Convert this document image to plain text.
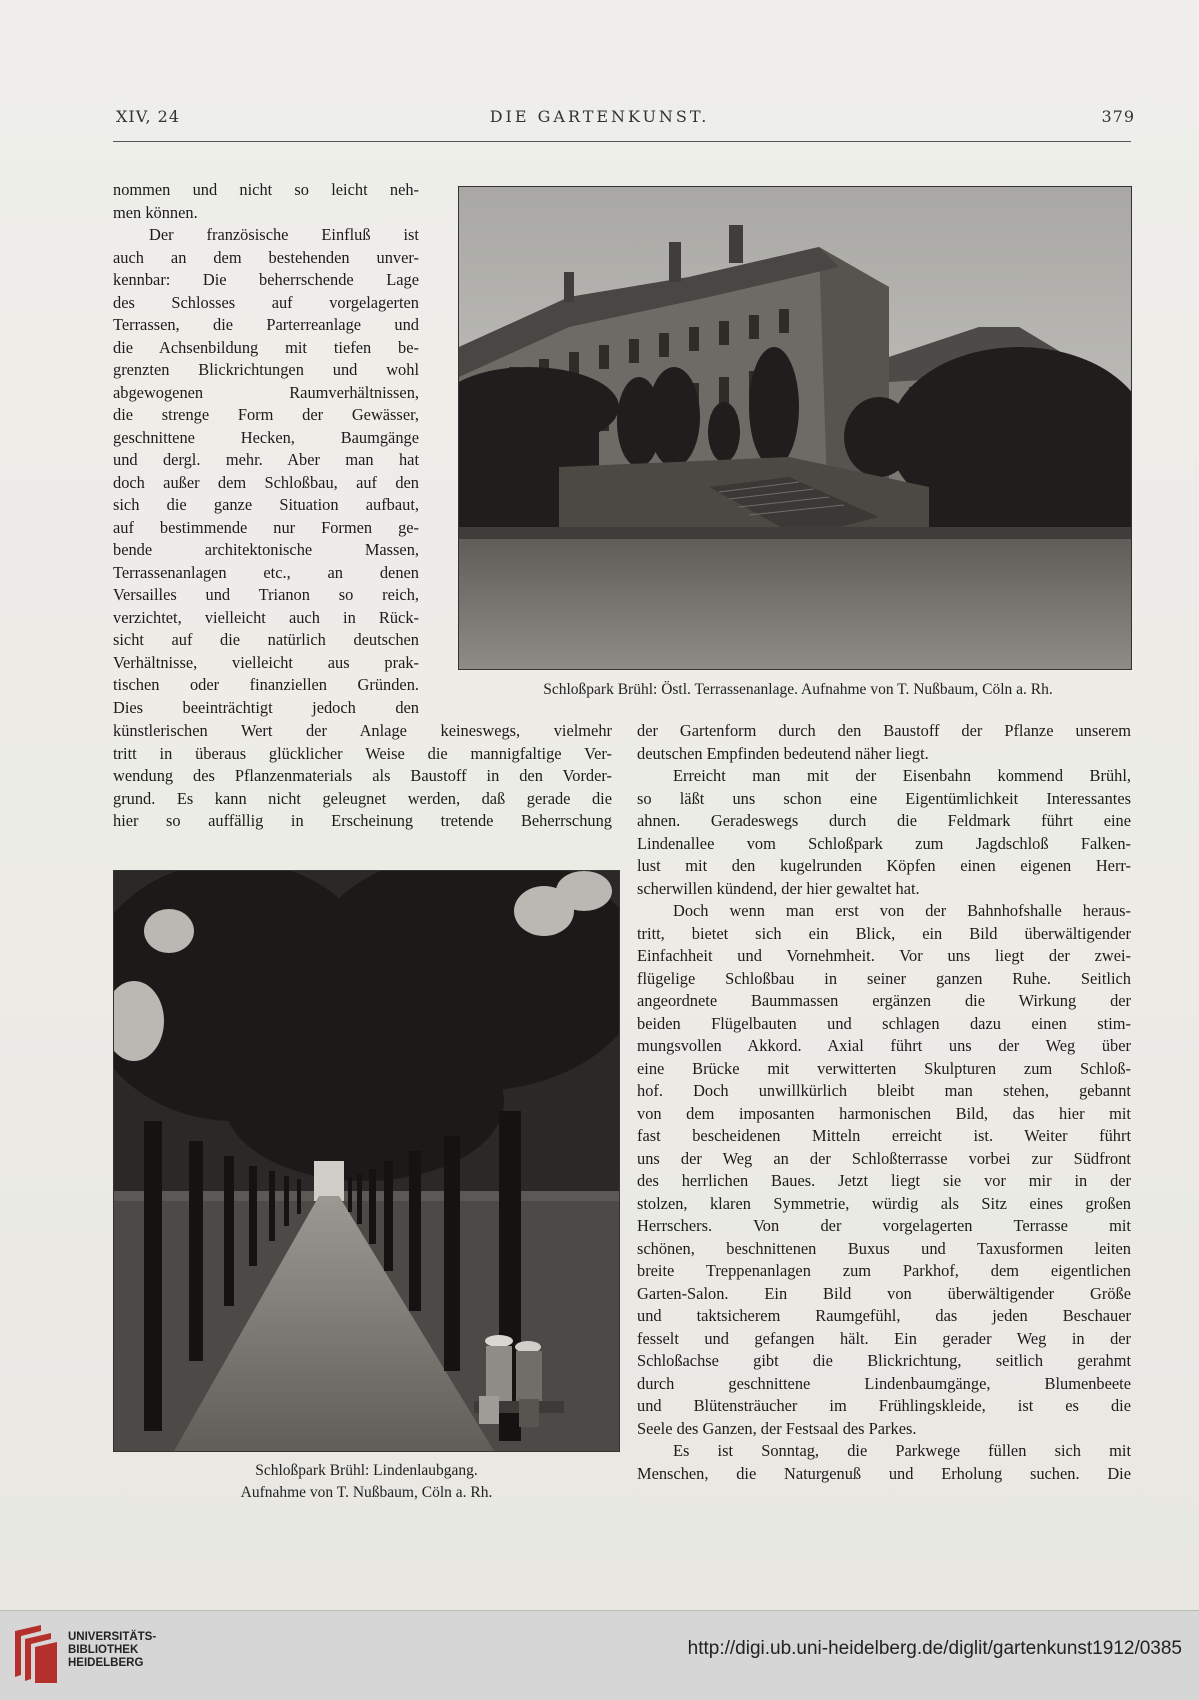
XIV, 24	DIE GARTENKUNST.	379
nommen und nicht so leicht neh-
men können.
Der französische Einfluß ist
auch an dem bestehenden unver-
kennbar: Die beherrschende Lage
des Schlosses auf vorgelagerten
Terrassen, die Parterreanlage und
die Achsenbildung mit tiefen be-
grenzten Blickrichtungen und wohl
abgewogenen Raumverhältnissen,
die strenge Form der Gewässer,
geschnittene Hecken, Baumgänge
und dergl. mehr. Aber man hat
doch außer dem Schloßbau, auf den
sich die ganze Situation aufbaut,
auf bestimmende nur Formen ge-
bende architektonische Massen,
Terrassenanlagen etc., an denen
Versailles und Trianon so reich,
verzichtet, vielleicht auch in Rück-
sicht auf die natürlich deutschen
Verhältnisse, vielleicht aus prak-
tischen oder finanziellen Gründen.
Dies beeinträchtigt jedoch den
künstlerischen Wert der Anlage keineswegs, vielmehr
tritt in überaus glücklicher Weise die mannigfaltige Ver-
wendung des Pflanzenmaterials als Baustoff in den Vorder-
grund. Es kann nicht geleugnet werden, daß gerade die
hier so auffällig in Erscheinung tretende Beherrschung
der Gartenform durch den Baustoff der Pflanze unserem
deutschen Empfinden bedeutend näher liegt.
Erreicht man mit der Eisenbahn kommend Brühl,
so läßt uns schon eine Eigentümlichkeit Interessantes
ahnen. Geradeswegs durch die Feldmark führt eine
Lindenallee vom Schloßpark zum Jagdschloß Falken-
lust mit den kugelrunden Köpfen einen eigenen Herr-
scherwillen kündend, der hier gewaltet hat.
Doch wenn man erst von der Bahnhofshalle heraus-
tritt, bietet sich ein Blick, ein Bild überwältigender
Einfachheit und Vornehmheit. Vor uns liegt der zwei-
flügelige Schloßbau in seiner ganzen Ruhe. Seitlich
angeordnete Baummassen ergänzen die Wirkung der
beiden Flügelbauten und schlagen dazu einen stim-
mungsvollen Akkord. Axial führt uns der Weg über
eine Brücke mit verwitterten Skulpturen zum Schloß-
hof. Doch unwillkürlich bleibt man stehen, gebannt
von dem imposanten harmonischen Bild, das hier mit
fast bescheidenen Mitteln erreicht ist. Weiter führt
uns der Weg an der Schloßterrasse vorbei zur Südfront
des herrlichen Baues. Jetzt liegt sie vor mir in der
stolzen, klaren Symmetrie, würdig als Sitz eines großen
Herrschers. Von der vorgelagerten Terrasse mit
schönen, beschnittenen Buxus und Taxusformen leiten
breite Treppenanlagen zum Parkhof, dem eigentlichen
Garten-Salon. Ein Bild von überwältigender Größe
und taktsicherem Raumgefühl, das jeden Beschauer
fesselt und gefangen hält. Ein gerader Weg in der
Schloßachse gibt die Blickrichtung, seitlich gerahmt
durch geschnittene Lindenbaumgänge, Blumenbeete
und Blütensträucher im Frühlingskleide, ist es die
Seele des Ganzen, der Festsaal des Parkes.
Es ist Sonntag, die Parkwege füllen sich mit
Menschen, die Naturgenuß und Erholung suchen. Die
Schloßpark Brühl: Östl. Terrassenanlage. Aufnahme von T. Nußbaum, Cöln a. Rh.
Schloßpark Brühl: Lindenlaubgang.
Aufnahme von T. Nußbaum, Cöln a. Rh.
UNIVERSITÄTS-
BIBLIOTHEK
HEIDELBERG
http://digi.ub.uni-heidelberg.de/diglit/gartenkunst1912/0385
